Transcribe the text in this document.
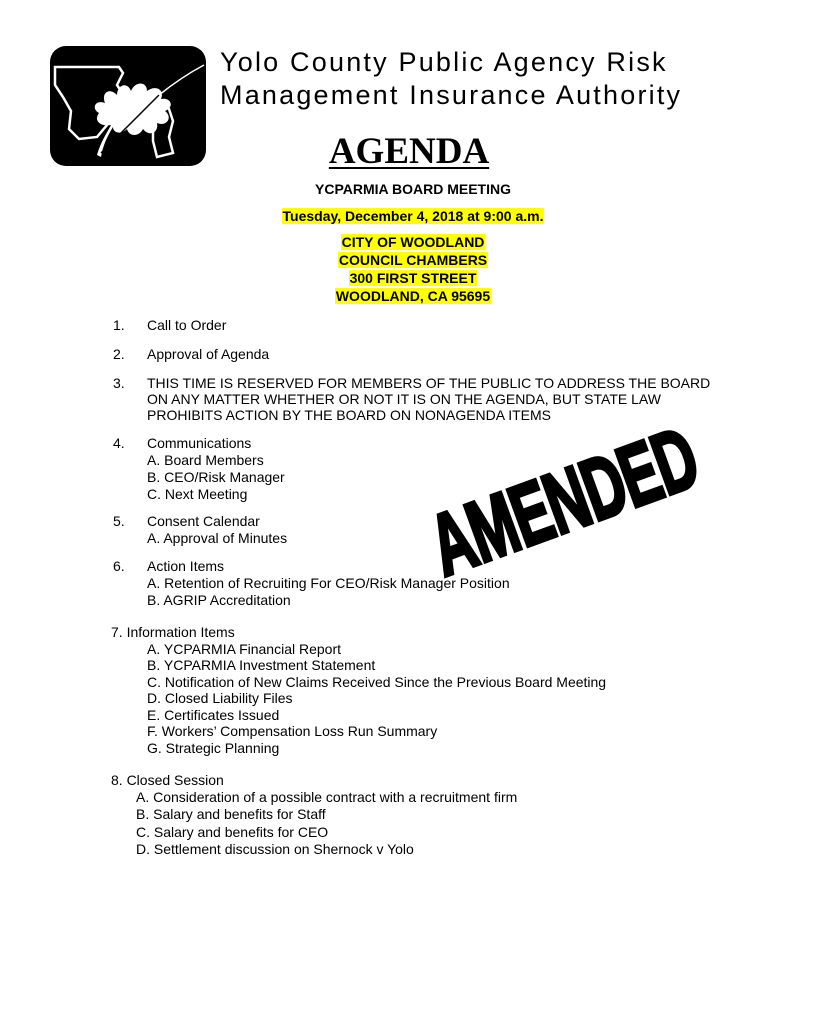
Yolo County Public Agency Risk
Management Insurance Authority
AGENDA
YCPARMIA BOARD MEETING
Tuesday, December 4, 2018 at 9:00 a.m.
CITY OF WOODLAND
COUNCIL CHAMBERS
300 FIRST STREET
WOODLAND, CA 95695
1. Call to Order
2. Approval of Agenda
3. THIS TIME IS RESERVED FOR MEMBERS OF THE PUBLIC TO ADDRESS THE BOARD
ON ANY MATTER WHETHER OR NOT IT IS ON THE AGENDA, BUT STATE LAW
PROHIBITS ACTION BY THE BOARD ON NONAGENDA ITEMS
4. Communications
A. Board Members
B. CEO/Risk Manager
C. Next Meeting
5. Consent Calendar
A. Approval of Minutes
6. Action Items
A. Retention of Recruiting For CEO/Risk Manager Position
B. AGRIP Accreditation
7. Information Items
A. YCPARMIA Financial Report
B. YCPARMIA Investment Statement
C. Notification of New Claims Received Since the Previous Board Meeting
D. Closed Liability Files
E. Certificates Issued
F. Workers’ Compensation Loss Run Summary
G. Strategic Planning
8. Closed Session
A. Consideration of a possible contract with a recruitment firm
B. Salary and benefits for Staff
C. Salary and benefits for CEO
D. Settlement discussion on Shernock v Yolo
AMENDED
